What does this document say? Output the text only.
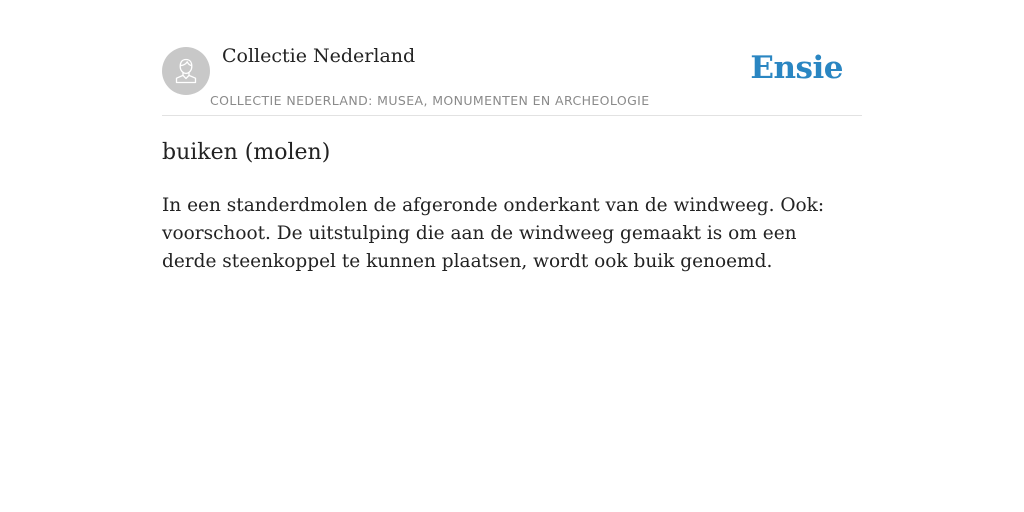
Collectie Nederland
COLLECTIE NEDERLAND: MUSEA, MONUMENTEN EN ARCHEOLOGIE
Ensie
buiken (molen)

In een standerdmolen de afgeronde onderkant van de windweeg. Ook: voorschoot. De uitstulping die aan de windweeg gemaakt is om een derde steenkoppel te kunnen plaatsen, wordt ook buik genoemd.
